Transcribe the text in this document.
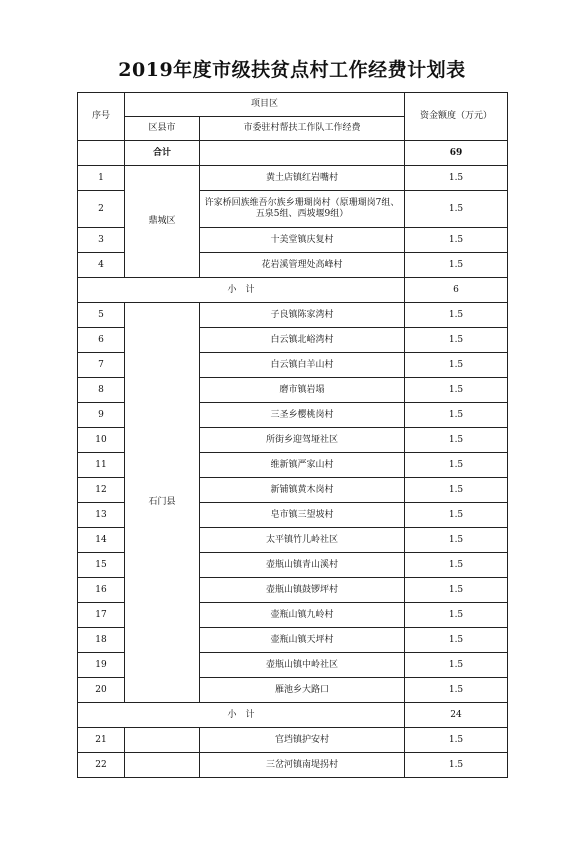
2019年度市级扶贫点村工作经费计划表
序号	项目区		资金额度（万元）
	区县市	市委驻村帮扶工作队工作经费	
	合计		69
1	鼎城区	黄土店镇红岩嘴村	1.5
2		许家桥回族维吾尔族乡珊瑚岗村（原珊瑚岗7组、五泉5组、西坡堰9组）	1.5
3		十美堂镇庆复村	1.5
4		花岩溪管理处高峰村	1.5
小　计			6
5	石门县	子良镇陈家湾村	1.5
6		白云镇北峪湾村	1.5
7		白云镇白羊山村	1.5
8		磨市镇岩塌	1.5
9		三圣乡樱桃岗村	1.5
10		所街乡迎驾垭社区	1.5
11		维新镇严家山村	1.5
12		新铺镇黄木岗村	1.5
13		皂市镇三望坡村	1.5
14		太平镇竹儿岭社区	1.5
15		壶瓶山镇青山溪村	1.5
16		壶瓶山镇鼓锣坪村	1.5
17		壶瓶山镇九岭村	1.5
18		壶瓶山镇天坪村	1.5
19		壶瓶山镇中岭社区	1.5
20		雁池乡大路口	1.5
小　计			24
21		官垱镇护安村	1.5
22		三岔河镇南堤拐村	1.5
